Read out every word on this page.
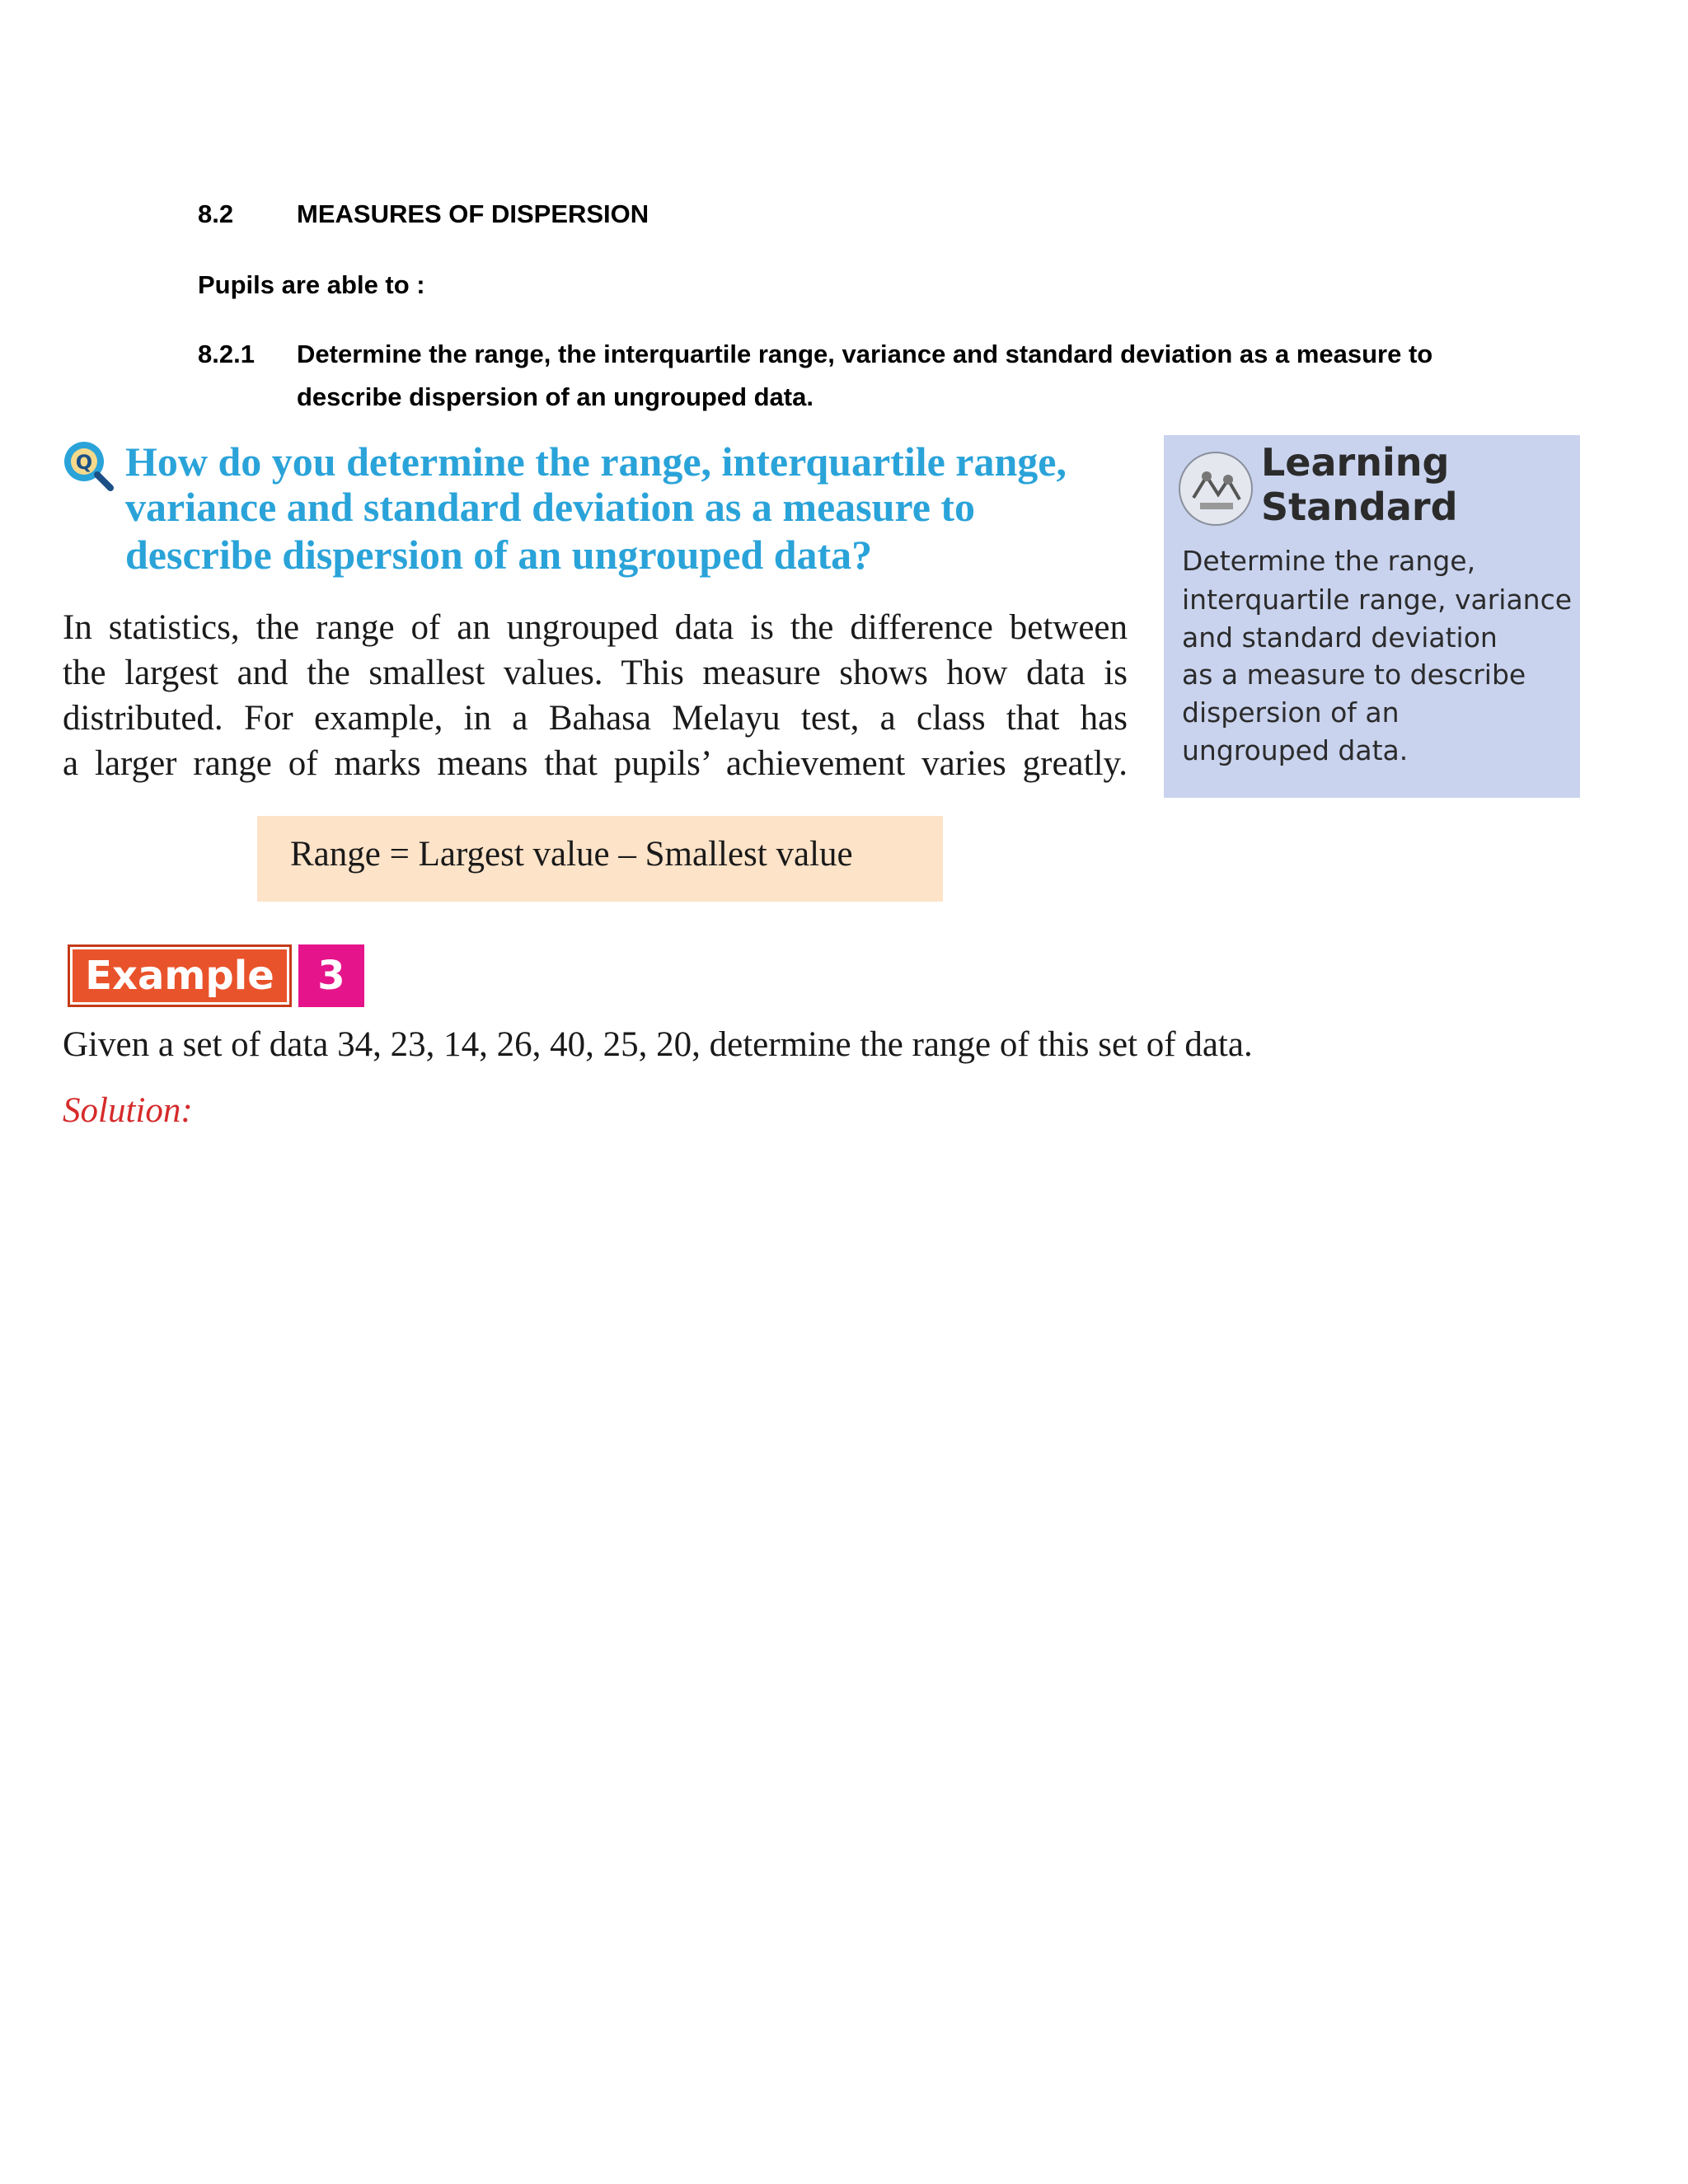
8.2 MEASURES OF DISPERSION
Pupils are able to :
8.2.1 Determine the range, the interquartile range, variance and standard deviation as a measure to
describe dispersion of an ungrouped data.
Q How do you determine the range, interquartile range,
variance and standard deviation as a measure to
describe dispersion of an ungrouped data?
In statistics, the range of an ungrouped data is the difference between
the largest and the smallest values. This measure shows how data is
distributed. For example, in a Bahasa Melayu test, a class that has
a larger range of marks means that pupils’ achievement varies greatly.
Learning
Standard
Determine the range,
interquartile range, variance
and standard deviation
as a measure to describe
dispersion of an
ungrouped data.
Range = Largest value – Smallest value
Example	3
Given a set of data 34, 23, 14, 26, 40, 25, 20, determine the range of this set of data.
Solution:
